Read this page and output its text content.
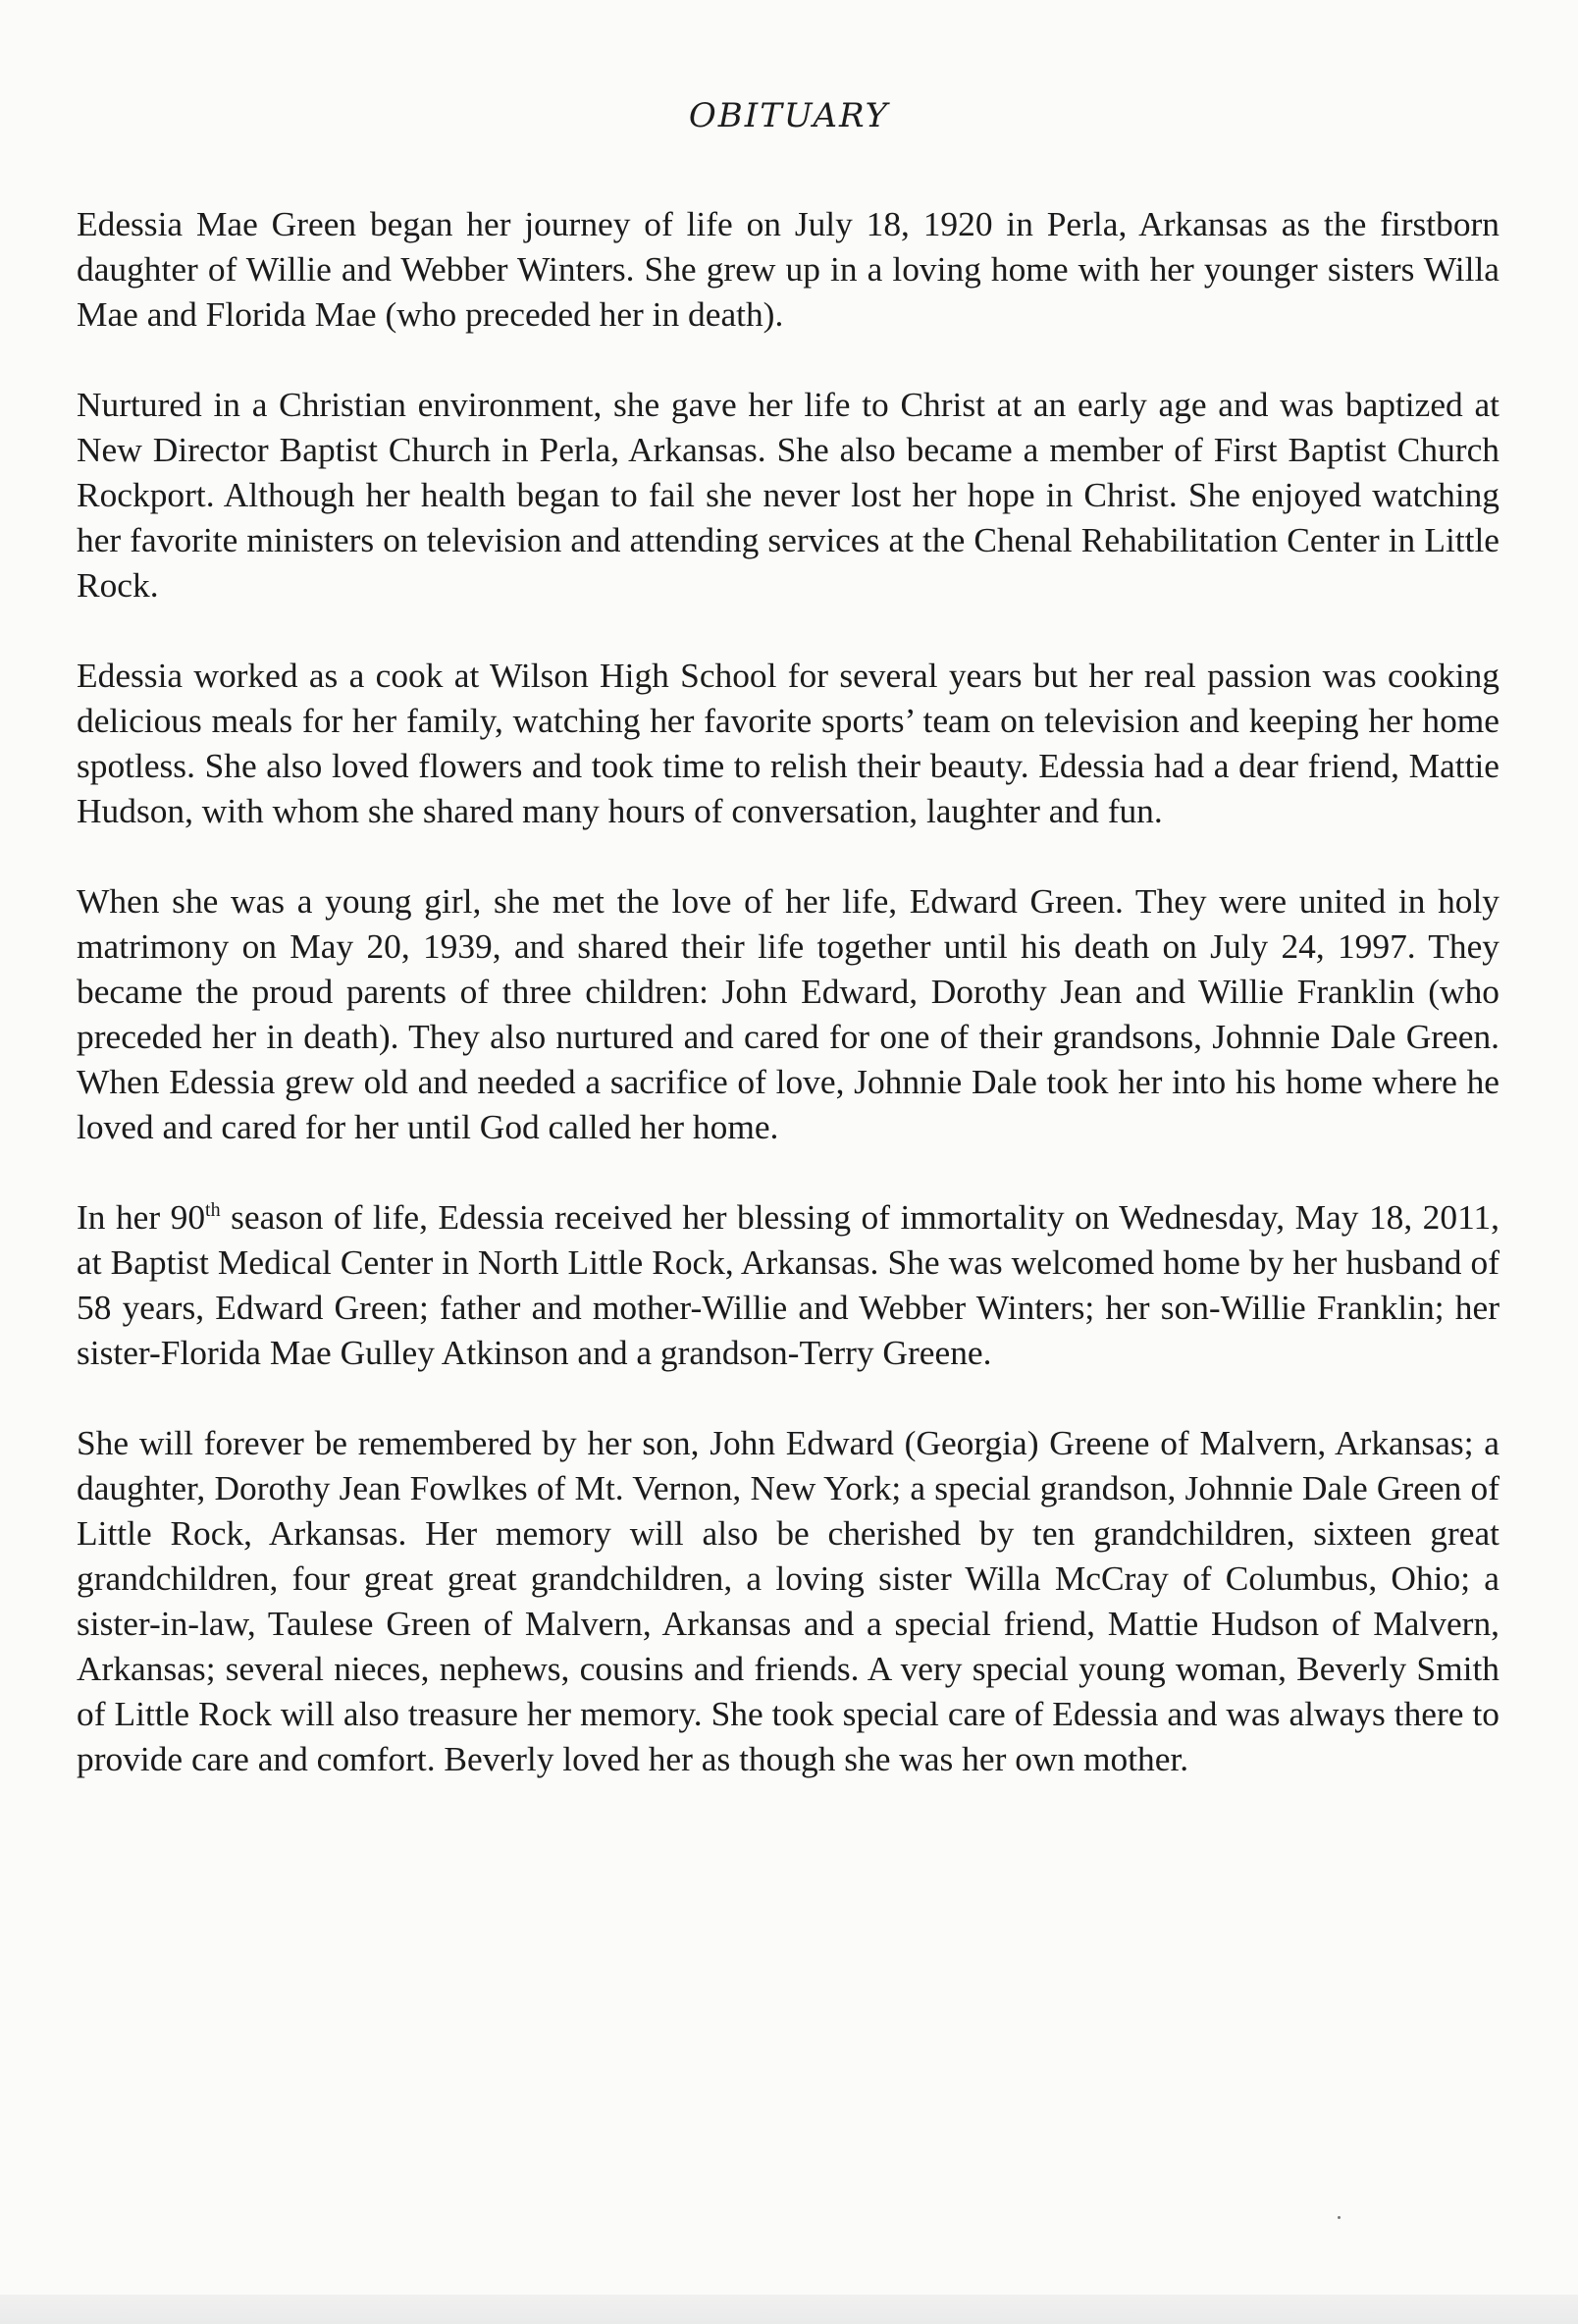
OBITUARY

Edessia Mae Green began her journey of life on July 18, 1920 in Perla, Arkansas as the firstborn daughter of Willie and Webber Winters. She grew up in a loving home with her younger sisters Willa Mae and Florida Mae (who preceded her in death).

Nurtured in a Christian environment, she gave her life to Christ at an early age and was baptized at New Director Baptist Church in Perla, Arkansas. She also became a member of First Baptist Church Rockport. Although her health began to fail she never lost her hope in Christ. She enjoyed watching her favorite ministers on television and attending services at the Chenal Rehabilitation Center in Little Rock.

Edessia worked as a cook at Wilson High School for several years but her real passion was cooking delicious meals for her family, watching her favorite sports’ team on television and keeping her home spotless. She also loved flowers and took time to relish their beauty. Edessia had a dear friend, Mattie Hudson, with whom she shared many hours of conversation, laughter and fun.

When she was a young girl, she met the love of her life, Edward Green. They were united in holy matrimony on May 20, 1939, and shared their life together until his death on July 24, 1997. They became the proud parents of three children: John Edward, Dorothy Jean and Willie Franklin (who preceded her in death). They also nurtured and cared for one of their grandsons, Johnnie Dale Green. When Edessia grew old and needed a sacrifice of love, Johnnie Dale took her into his home where he loved and cared for her until God called her home.

In her 90th season of life, Edessia received her blessing of immortality on Wednesday, May 18, 2011, at Baptist Medical Center in North Little Rock, Arkansas. She was welcomed home by her husband of 58 years, Edward Green; father and mother-Willie and Webber Winters; her son-Willie Franklin; her sister-Florida Mae Gulley Atkinson and a grandson-Terry Greene.

She will forever be remembered by her son, John Edward (Georgia) Greene of Malvern, Arkansas; a daughter, Dorothy Jean Fowlkes of Mt. Vernon, New York; a special grandson, Johnnie Dale Green of Little Rock, Arkansas. Her memory will also be cherished by ten grandchildren, sixteen great grandchildren, four great great grandchildren, a loving sister Willa McCray of Columbus, Ohio; a sister-in-law, Taulese Green of Malvern, Arkansas and a special friend, Mattie Hudson of Malvern, Arkansas; several nieces, nephews, cousins and friends. A very special young woman, Beverly Smith of Little Rock will also treasure her memory. She took special care of Edessia and was always there to provide care and comfort. Beverly loved her as though she was her own mother.
